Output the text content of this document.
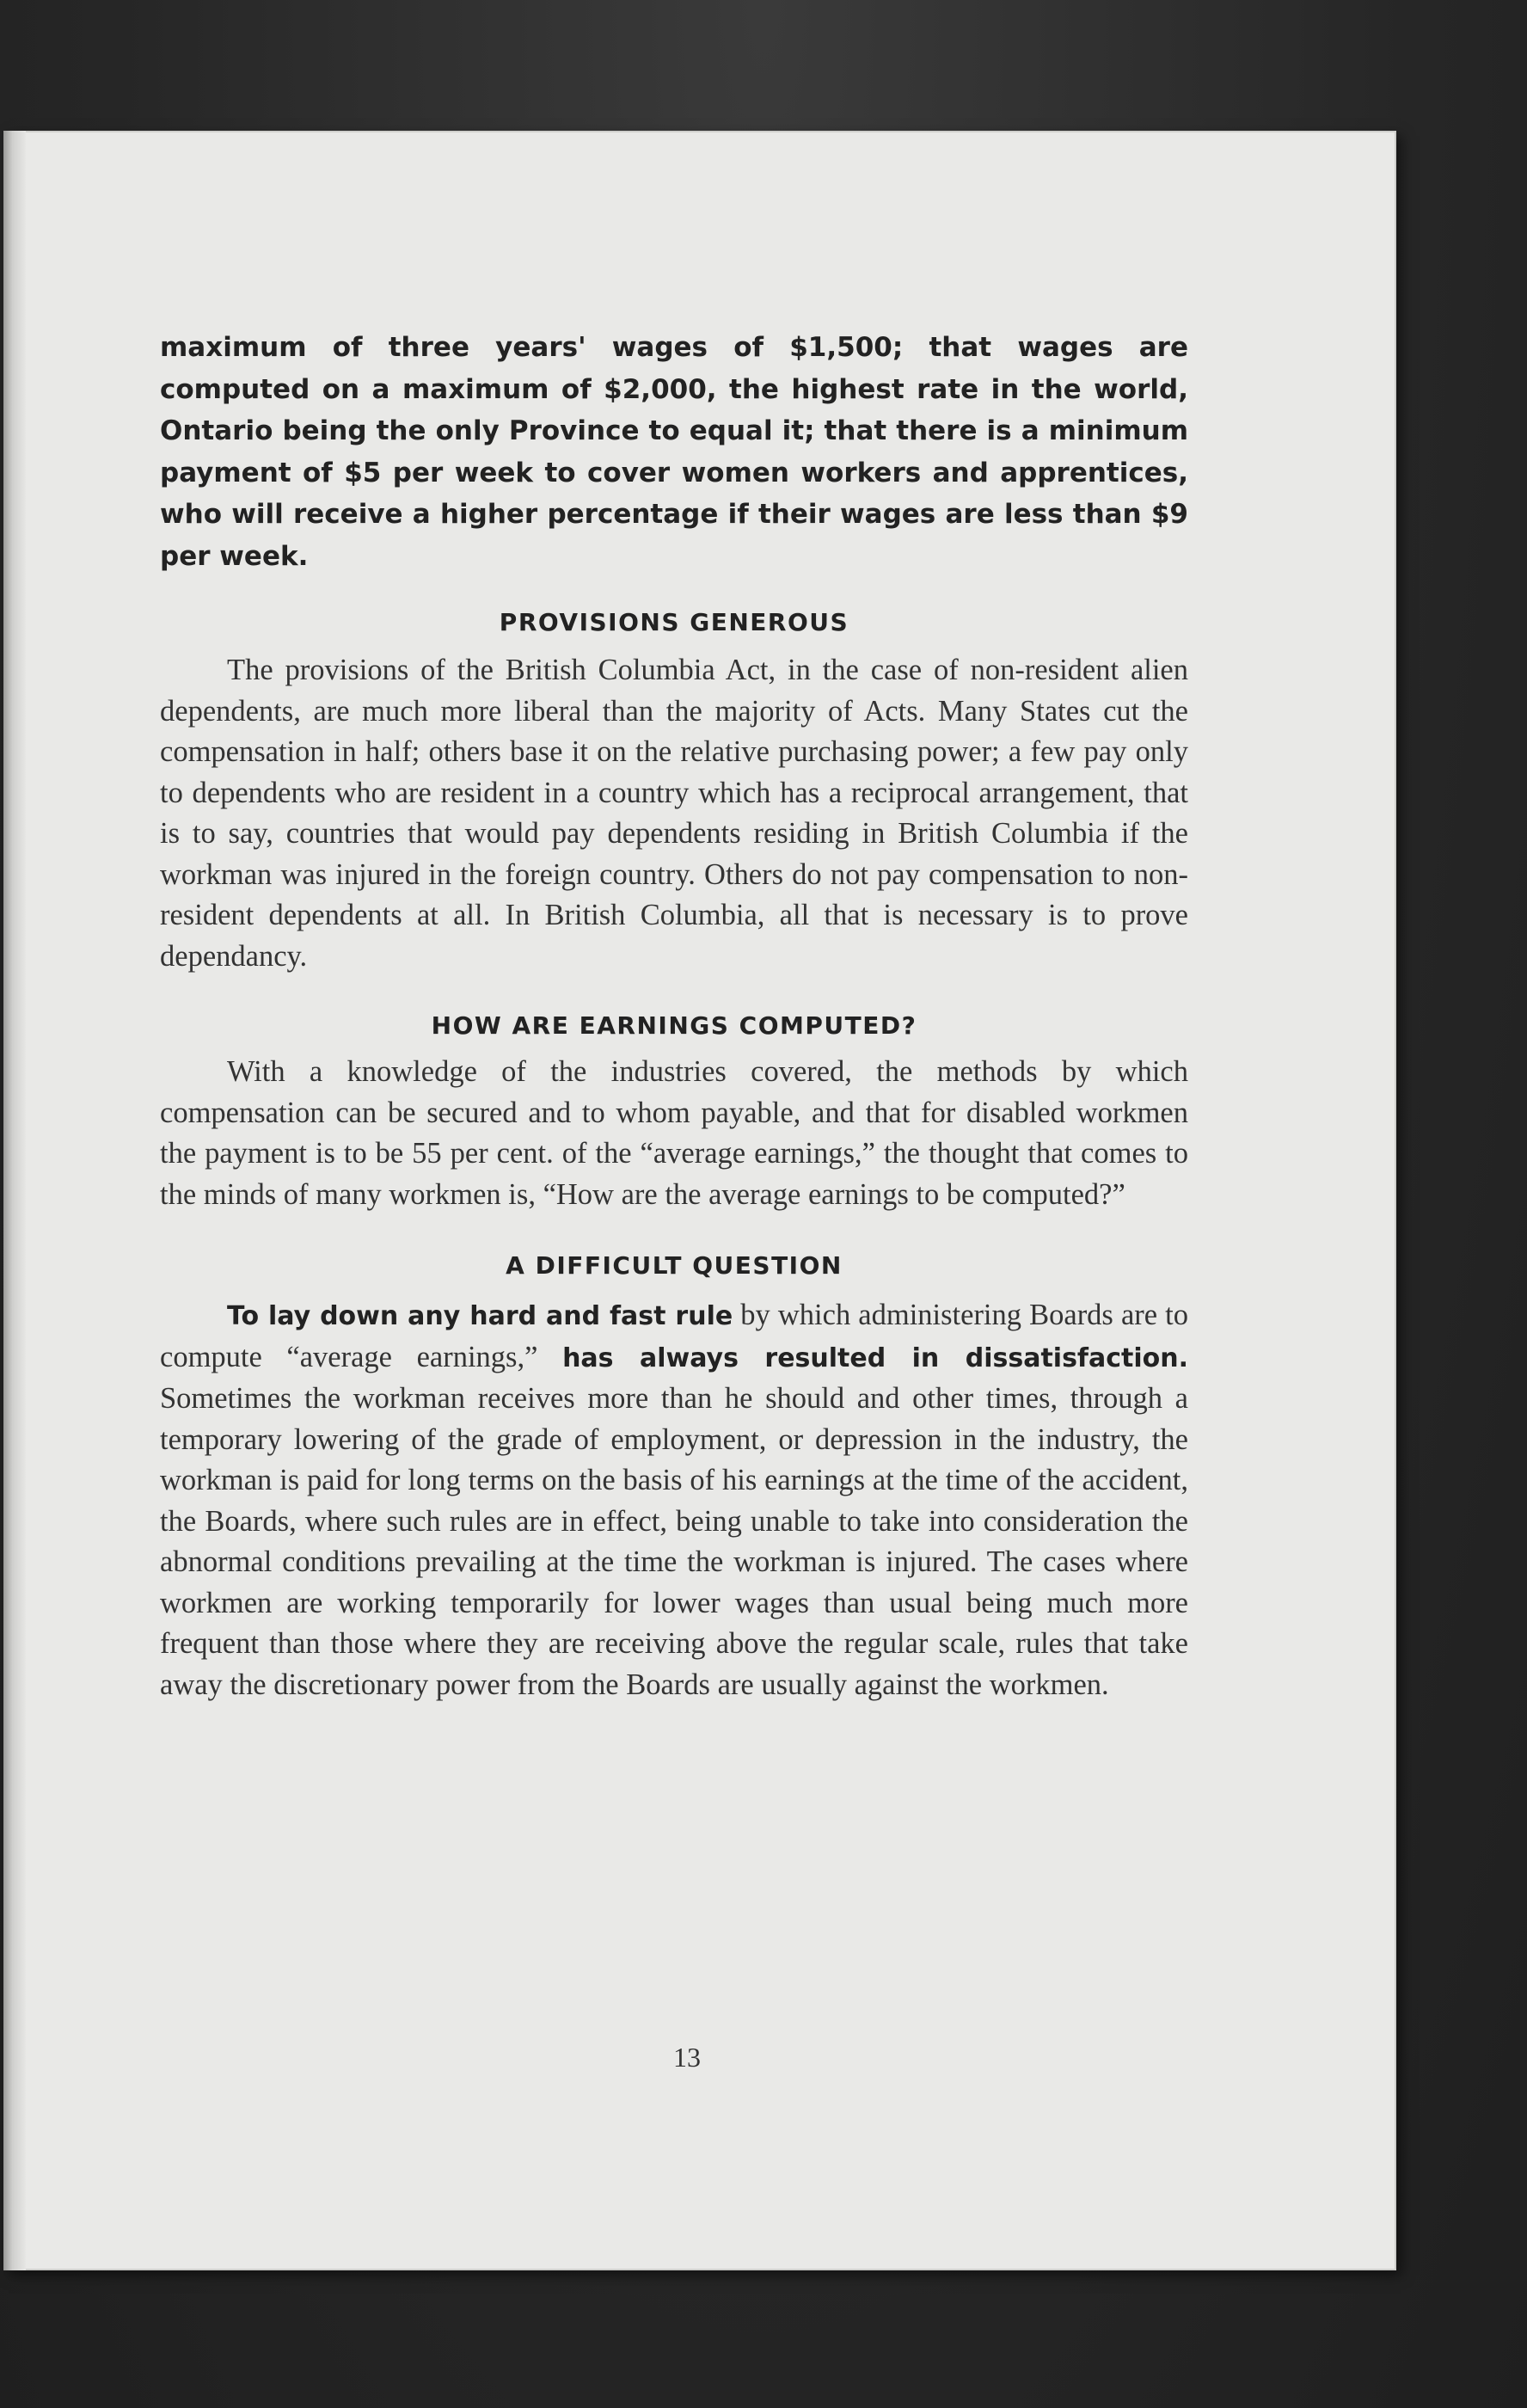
maximum of three years' wages of $1,500; that wages are computed on a maximum of $2,000, the highest rate in the world, Ontario being the only Province to equal it; that there is a minimum payment of $5 per week to cover women workers and apprentices, who will receive a higher percentage if their wages are less than $9 per week.

PROVISIONS GENEROUS

The provisions of the British Columbia Act, in the case of non-resident alien dependents, are much more liberal than the majority of Acts. Many States cut the compensation in half; others base it on the relative purchasing power; a few pay only to dependents who are resident in a country which has a reciprocal arrangement, that is to say, countries that would pay dependents residing in British Columbia if the workman was injured in the foreign country. Others do not pay compensation to non-resident dependents at all. In British Columbia, all that is necessary is to prove dependancy.

HOW ARE EARNINGS COMPUTED?

With a knowledge of the industries covered, the methods by which compensation can be secured and to whom payable, and that for disabled workmen the payment is to be 55 per cent. of the “average earnings,” the thought that comes to the minds of many workmen is, “How are the average earnings to be computed?”

A DIFFICULT QUESTION

To lay down any hard and fast rule by which administering Boards are to compute “average earnings,” has always resulted in dissatisfaction. Sometimes the workman receives more than he should and other times, through a temporary lowering of the grade of employment, or depression in the industry, the workman is paid for long terms on the basis of his earnings at the time of the accident, the Boards, where such rules are in effect, being unable to take into consideration the abnormal conditions prevailing at the time the workman is injured. The cases where workmen are working temporarily for lower wages than usual being much more frequent than those where they are receiving above the regular scale, rules that take away the discretionary power from the Boards are usually against the workmen.

13
